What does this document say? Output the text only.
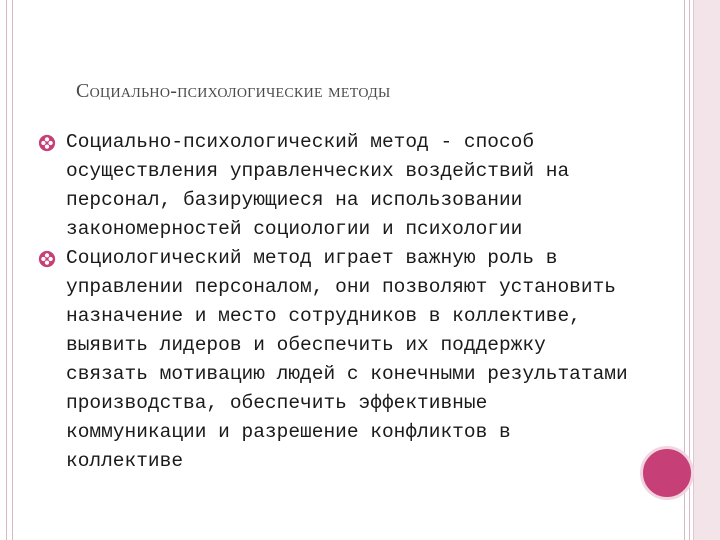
Социально-психологические методы
Социально-психологический метод - способ осуществления управленческих воздействий на персонал, базирующиеся на использовании закономерностей социологии и психологии
Социологический метод играет важную роль в управлении персоналом, они позволяют установить назначение и место сотрудников в коллективе, выявить лидеров и обеспечить их поддержку связать мотивацию людей с конечными результатами производства, обеспечить эффективные коммуникации и разрешение конфликтов в коллективе
